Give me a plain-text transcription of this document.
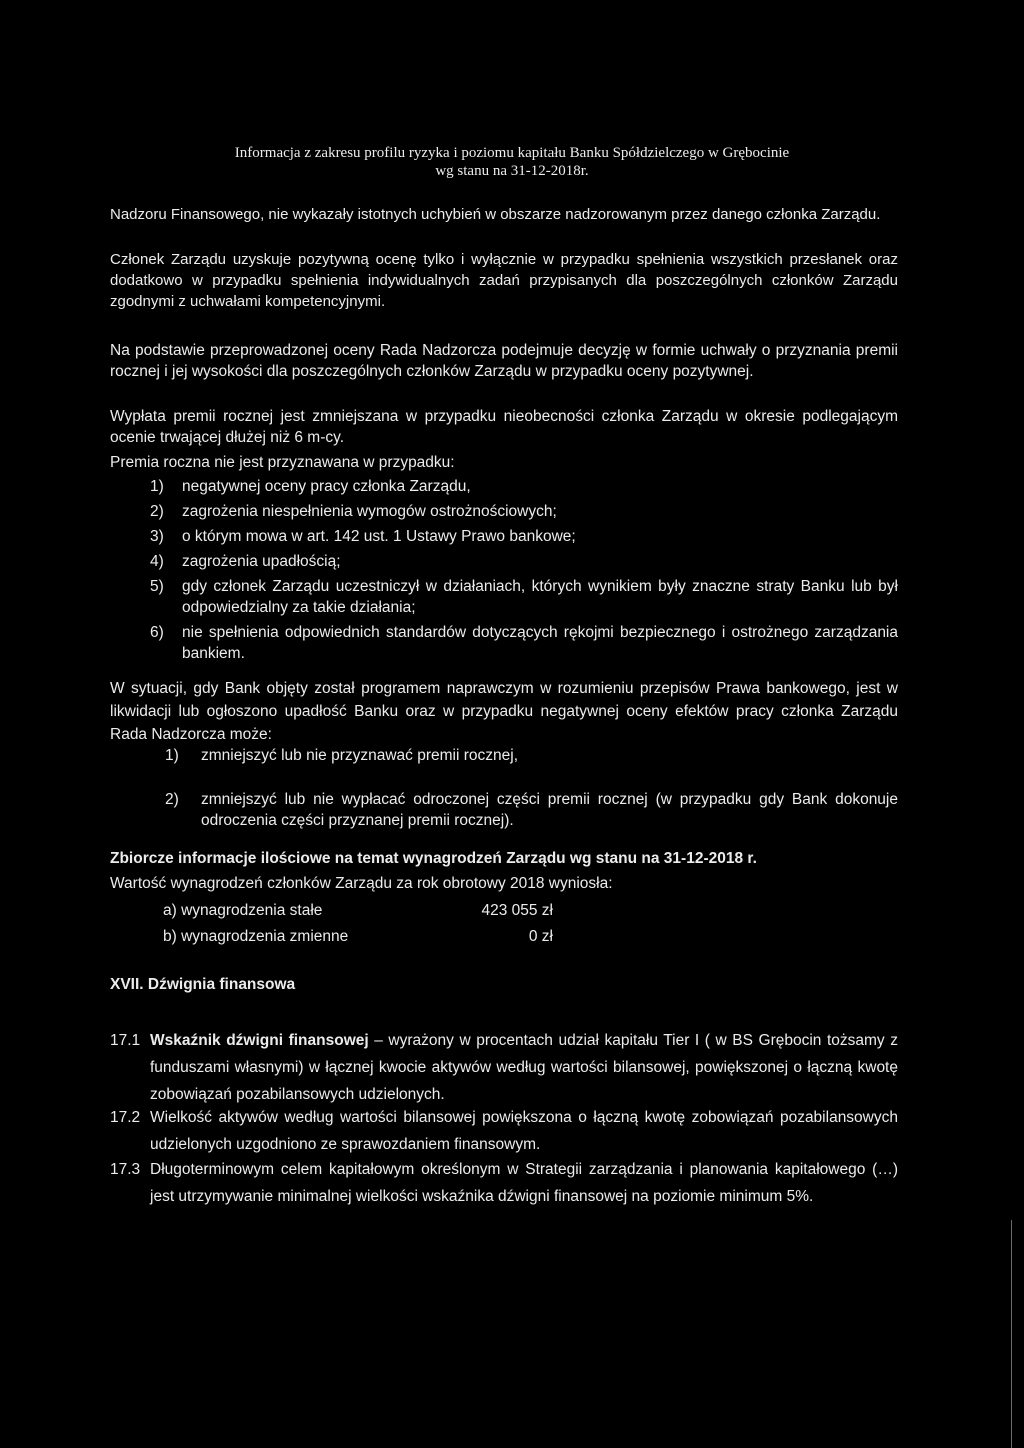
Informacja z zakresu profilu ryzyka i poziomu kapitału Banku Spółdzielczego w Grębocinie
wg stanu na 31-12-2018r.

Nadzoru Finansowego, nie wykazały istotnych uchybień w obszarze nadzorowanym przez danego członka Zarządu.

Członek Zarządu uzyskuje pozytywną ocenę tylko i wyłącznie w przypadku spełnienia wszystkich przesłanek oraz dodatkowo w przypadku spełnienia indywidualnych zadań przypisanych dla poszczególnych członków Zarządu zgodnymi z uchwałami kompetencyjnymi.

Na podstawie przeprowadzonej oceny Rada Nadzorcza podejmuje decyzję w formie uchwały o przyznania premii rocznej i jej wysokości dla poszczególnych członków Zarządu w przypadku oceny pozytywnej.

Wypłata premii rocznej jest zmniejszana w przypadku nieobecności członka Zarządu w okresie podlegającym ocenie trwającej dłużej niż 6 m-cy.

Premia roczna nie jest przyznawana w przypadku:

1) negatywnej oceny pracy członka Zarządu,
2) zagrożenia niespełnienia wymogów ostrożnościowych;
3) o którym mowa w art. 142 ust. 1 Ustawy Prawo bankowe;
4) zagrożenia upadłością;
5) gdy członek Zarządu uczestniczył w działaniach, których wynikiem były znaczne straty Banku lub był odpowiedzialny za takie działania;
6) nie spełnienia odpowiednich standardów dotyczących rękojmi bezpiecznego i ostrożnego zarządzania bankiem.

W sytuacji, gdy Bank objęty został programem naprawczym w rozumieniu przepisów Prawa bankowego, jest w likwidacji lub ogłoszono upadłość Banku oraz w przypadku negatywnej oceny efektów pracy członka Zarządu Rada Nadzorcza może:

1) zmniejszyć lub nie przyznawać premii rocznej,
2) zmniejszyć lub nie wypłacać odroczonej części premii rocznej (w przypadku gdy Bank dokonuje odroczenia części przyznanej premii rocznej).
Zbiorcze informacje ilościowe na temat wynagrodzeń Zarządu wg stanu na 31-12-2018 r.
Wartość wynagrodzeń członków Zarządu za rok obrotowy 2018 wyniosła:
a) wynagrodzenia stałe	423 055 zł
b) wynagrodzenia zmienne	0 zł
XVII. Dźwignia finansowa
17.1 Wskaźnik dźwigni finansowej – wyrażony w procentach udział kapitału Tier I ( w BS Grębocin tożsamy z funduszami własnymi) w łącznej kwocie aktywów według wartości bilansowej, powiększonej o łączną kwotę zobowiązań pozabilansowych udzielonych.
17.2 Wielkość aktywów według wartości bilansowej powiększona o łączną kwotę zobowiązań pozabilansowych udzielonych uzgodniono ze sprawozdaniem finansowym.
17.3 Długoterminowym celem kapitałowym określonym w Strategii zarządzania i planowania kapitałowego (…) jest utrzymywanie minimalnej wielkości wskaźnika dźwigni finansowej na poziomie minimum 5%.
